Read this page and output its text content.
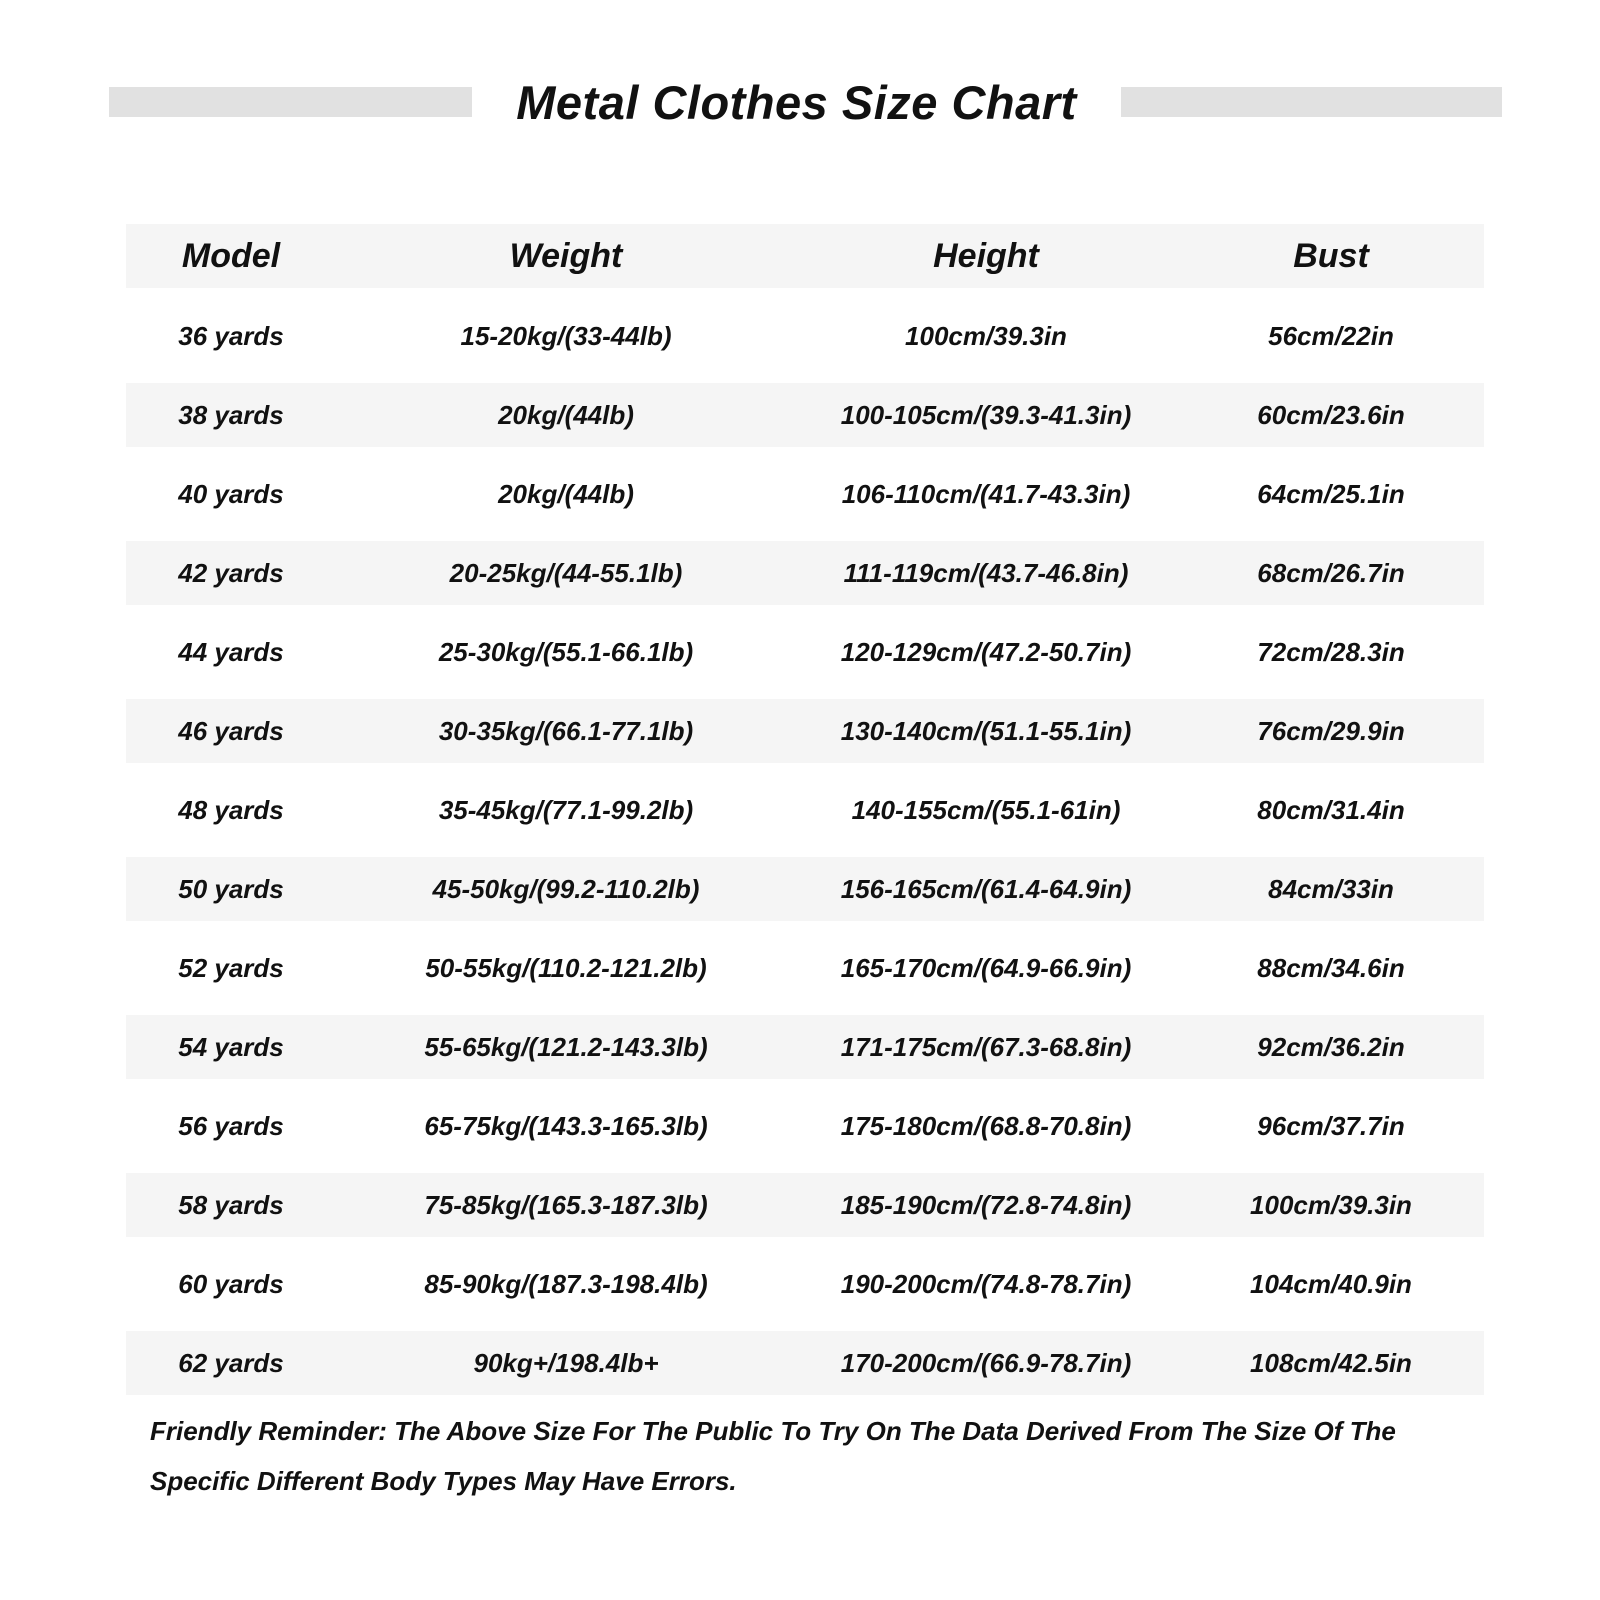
Metal Clothes Size Chart
Model	Weight	Height	Bust
36 yards	15-20kg/(33-44lb)	100cm/39.3in	56cm/22in
38 yards	20kg/(44lb)	100-105cm/(39.3-41.3in)	60cm/23.6in
40 yards	20kg/(44lb)	106-110cm/(41.7-43.3in)	64cm/25.1in
42 yards	20-25kg/(44-55.1lb)	111-119cm/(43.7-46.8in)	68cm/26.7in
44 yards	25-30kg/(55.1-66.1lb)	120-129cm/(47.2-50.7in)	72cm/28.3in
46 yards	30-35kg/(66.1-77.1lb)	130-140cm/(51.1-55.1in)	76cm/29.9in
48 yards	35-45kg/(77.1-99.2lb)	140-155cm/(55.1-61in)	80cm/31.4in
50 yards	45-50kg/(99.2-110.2lb)	156-165cm/(61.4-64.9in)	84cm/33in
52 yards	50-55kg/(110.2-121.2lb)	165-170cm/(64.9-66.9in)	88cm/34.6in
54 yards	55-65kg/(121.2-143.3lb)	171-175cm/(67.3-68.8in)	92cm/36.2in
56 yards	65-75kg/(143.3-165.3lb)	175-180cm/(68.8-70.8in)	96cm/37.7in
58 yards	75-85kg/(165.3-187.3lb)	185-190cm/(72.8-74.8in)	100cm/39.3in
60 yards	85-90kg/(187.3-198.4lb)	190-200cm/(74.8-78.7in)	104cm/40.9in
62 yards	90kg+/198.4lb+	170-200cm/(66.9-78.7in)	108cm/42.5in
Friendly Reminder: The Above Size For The Public To Try On The Data Derived From The Size Of The Specific Different Body Types May Have Errors.
